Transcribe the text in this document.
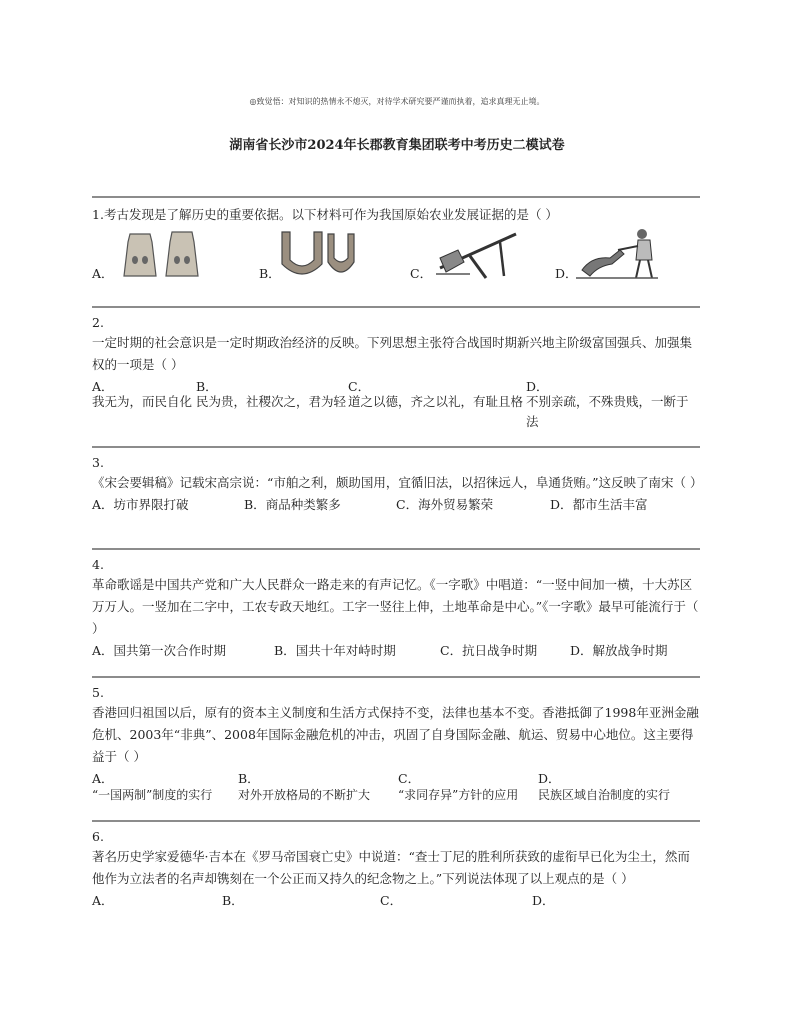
◎致觉悟：对知识的热情永不熄灭，对待学术研究要严谨而执着，追求真理无止境。
湖南省长沙市2024年长郡教育集团联考中考历史二模试卷
1.考古发现是了解历史的重要依据。以下材料可作为我国原始农业发展证据的是（ ）
A．	B．	C．	D．
2.
一定时期的社会意识是一定时期政治经济的反映。下列思想主张符合战国时期新兴地主阶级富国强兵、加强集权的一项是（ ）
A．
我无为，而民自化
B．
民为贵，社稷次之，君为轻
C．
道之以德，齐之以礼，有耻且格
D．
不别亲疏，不殊贵贱，一断于法
3.
《宋会要辑稿》记载宋高宗说：“市舶之利，颇助国用，宜循旧法，以招徕远人，阜通货贿。”这反映了南宋（ ）
A．坊市界限打破	B．商品种类繁多	C．海外贸易繁荣	D．都市生活丰富
4.
革命歌谣是中国共产党和广大人民群众一路走来的有声记忆。《一字歌》中唱道：“一竖中间加一横，十大苏区万万人。一竖加在二字中，工农专政天地红。工字一竖往上伸，土地革命是中心。”《一字歌》最早可能流行于（ ）
A．国共第一次合作时期	B．国共十年对峙时期	C．抗日战争时期	D．解放战争时期
5.
香港回归祖国以后，原有的资本主义制度和生活方式保持不变，法律也基本不变。香港抵御了1998年亚洲金融危机、2003年“非典”、2008年国际金融危机的冲击，巩固了自身国际金融、航运、贸易中心地位。这主要得益于（ ）
A．
“一国两制”制度的实行
B．
对外开放格局的不断扩大
C．
“求同存异”方针的应用
D．
民族区域自治制度的实行
6.
著名历史学家爱德华·吉本在《罗马帝国衰亡史》中说道：“查士丁尼的胜利所获致的虚衔早已化为尘土，然而他作为立法者的名声却镌刻在一个公正而又持久的纪念物之上。”下列说法体现了以上观点的是（ ）
A．	B．	C．	D．
